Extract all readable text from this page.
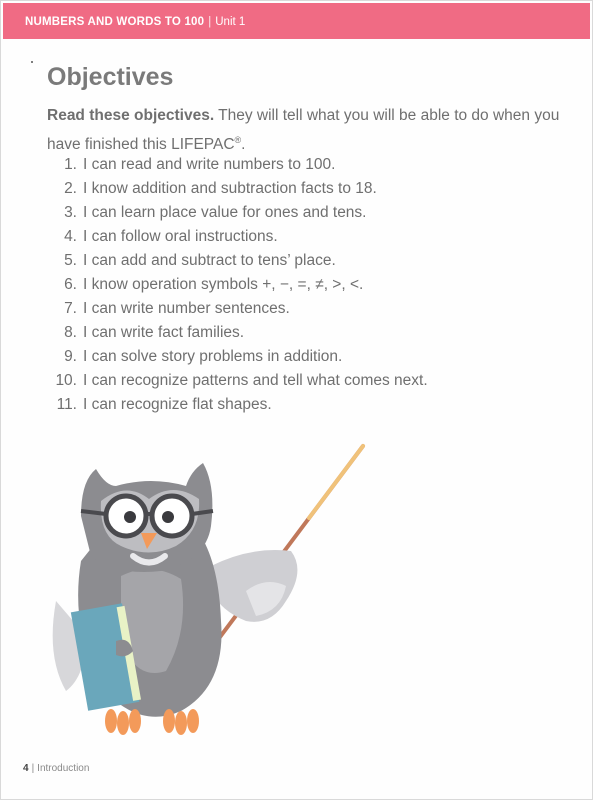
NUMBERS AND WORDS TO 100 | Unit 1
Objectives
Read these objectives. They will tell what you will be able to do when you have finished this LIFEPAC®.
1. I can read and write numbers to 100.
2. I know addition and subtraction facts to 18.
3. I can learn place value for ones and tens.
4. I can follow oral instructions.
5. I can add and subtract to tens’ place.
6. I know operation symbols +, −, =, ≠, >, <.
7. I can write number sentences.
8. I can write fact families.
9. I can solve story problems in addition.
10. I can recognize patterns and tell what comes next.
11. I can recognize flat shapes.
4 | Introduction
